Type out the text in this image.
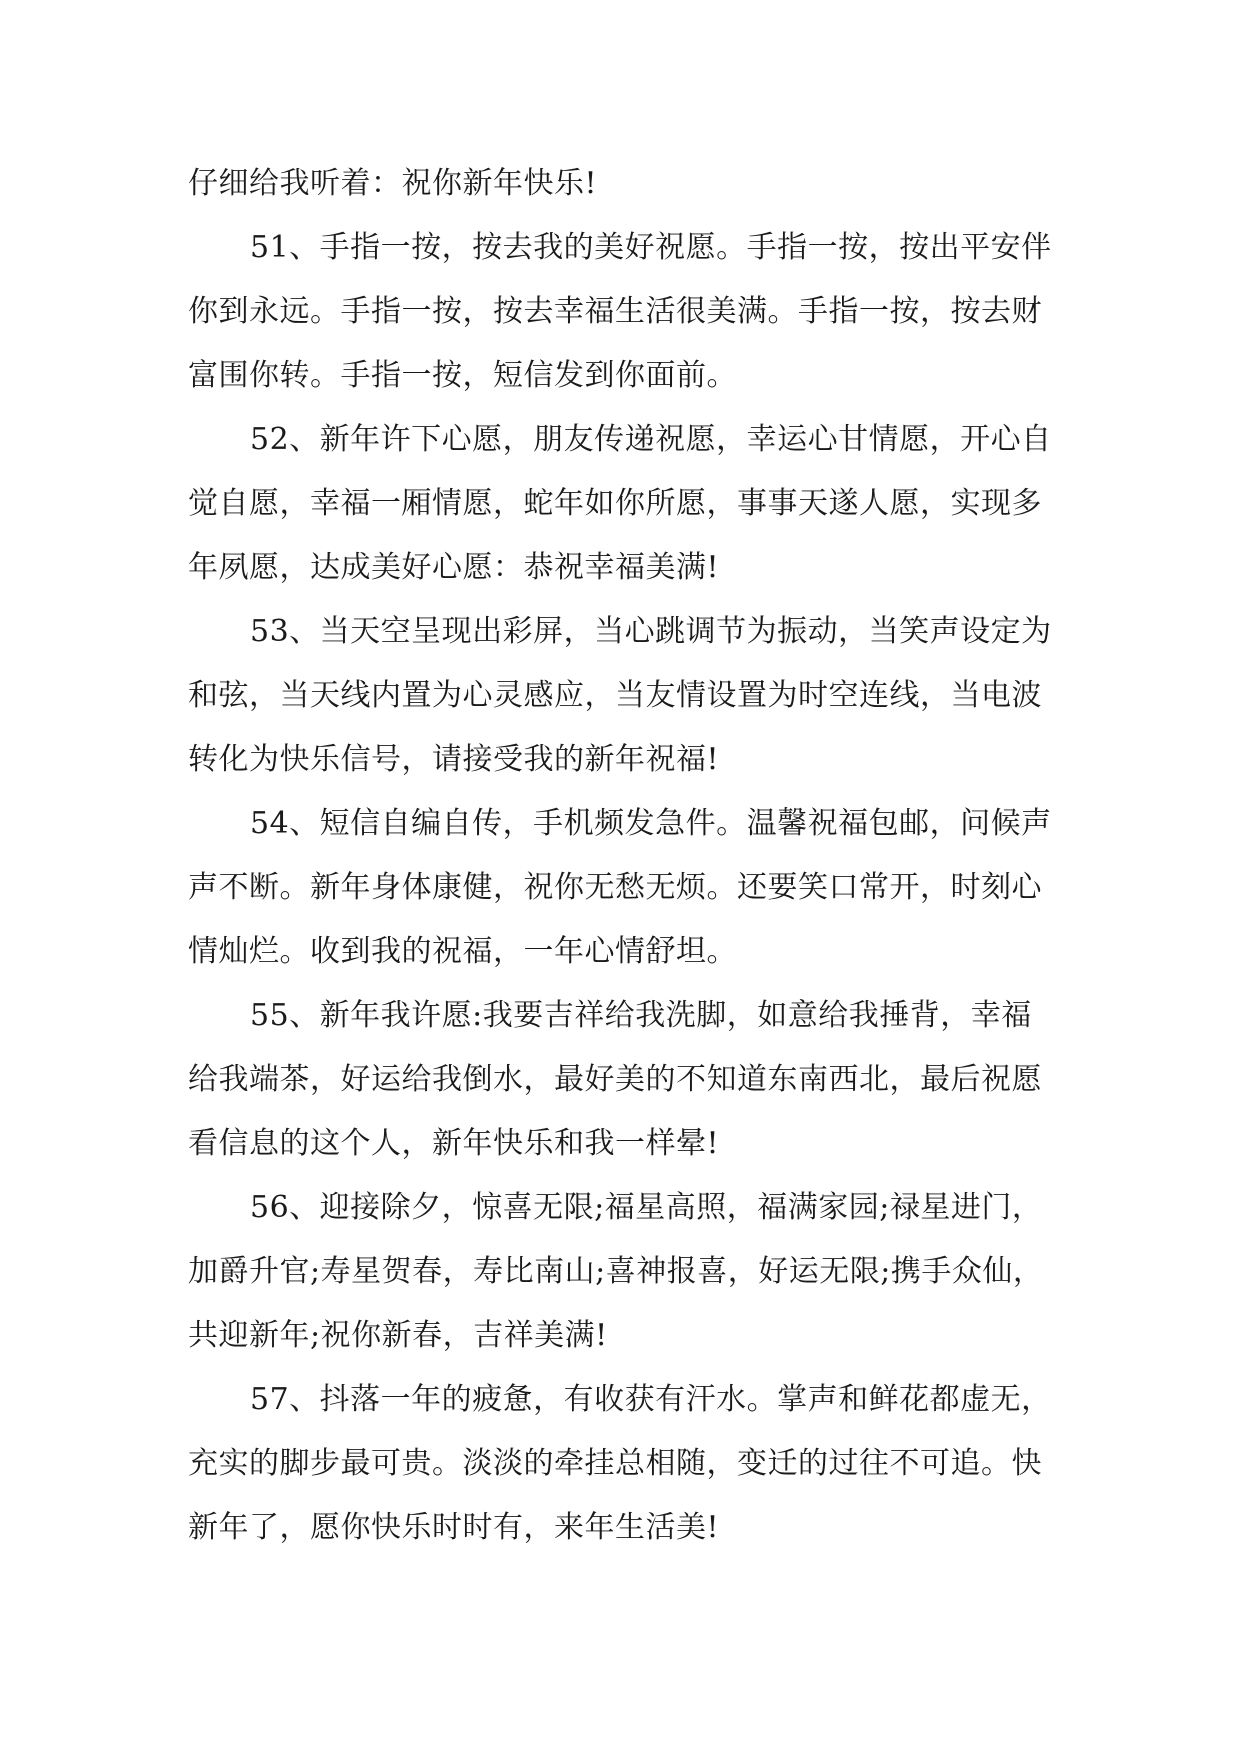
仔细给我听着：祝你新年快乐!
51、手指一按，按去我的美好祝愿。手指一按，按出平安伴
你到永远。手指一按，按去幸福生活很美满。手指一按，按去财
富围你转。手指一按，短信发到你面前。
52、新年许下心愿，朋友传递祝愿，幸运心甘情愿，开心自
觉自愿，幸福一厢情愿，蛇年如你所愿，事事天遂人愿，实现多
年夙愿，达成美好心愿：恭祝幸福美满!
53、当天空呈现出彩屏，当心跳调节为振动，当笑声设定为
和弦，当天线内置为心灵感应，当友情设置为时空连线，当电波
转化为快乐信号，请接受我的新年祝福!
54、短信自编自传，手机频发急件。温馨祝福包邮，问候声
声不断。新年身体康健，祝你无愁无烦。还要笑口常开，时刻心
情灿烂。收到我的祝福，一年心情舒坦。
55、新年我许愿:我要吉祥给我洗脚，如意给我捶背，幸福
给我端茶，好运给我倒水，最好美的不知道东南西北，最后祝愿
看信息的这个人，新年快乐和我一样晕!
56、迎接除夕，惊喜无限;福星高照，福满家园;禄星进门，
加爵升官;寿星贺春，寿比南山;喜神报喜，好运无限;携手众仙，
共迎新年;祝你新春，吉祥美满!
57、抖落一年的疲惫，有收获有汗水。掌声和鲜花都虚无，
充实的脚步最可贵。淡淡的牵挂总相随，变迁的过往不可追。快
新年了，愿你快乐时时有，来年生活美!
